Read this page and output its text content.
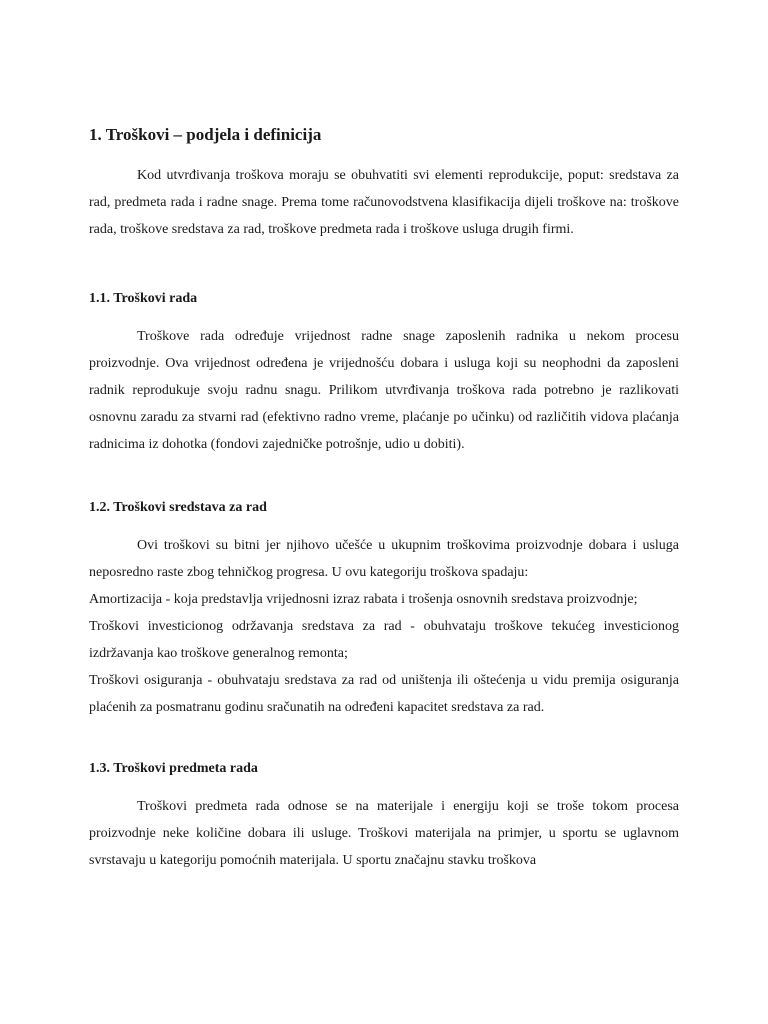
1. Troškovi – podjela i definicija

Kod utvrđivanja troškova moraju se obuhvatiti svi elementi reprodukcije, poput: sredstava za rad, predmeta rada i radne snage. Prema tome računovodstvena klasifikacija dijeli troškove na: troškove rada, troškove sredstava za rad, troškove predmeta rada i troškove usluga drugih firmi.

1.1. Troškovi rada

Troškove rada određuje vrijednost radne snage zaposlenih radnika u nekom procesu proizvodnje. Ova vrijednost određena je vrijednošću dobara i usluga koji su neophodni da zaposleni radnik reprodukuje svoju radnu snagu. Prilikom utvrđivanja troškova rada potrebno je razlikovati osnovnu zaradu za stvarni rad (efektivno radno vreme, plaćanje po učinku) od različitih vidova plaćanja radnicima iz dohotka (fondovi zajedničke potrošnje, udio u dobiti).

1.2. Troškovi sredstava za rad

Ovi troškovi su bitni jer njihovo učešće u ukupnim troškovima proizvodnje dobara i usluga neposredno raste zbog tehničkog progresa. U ovu kategoriju troškova spadaju:

Amortizacija - koja predstavlja vrijednosni izraz rabata i trošenja osnovnih sredstava proizvodnje;

Troškovi investicionog održavanja sredstava za rad - obuhvataju troškove tekućeg investicionog izdržavanja kao troškove generalnog remonta;

Troškovi osiguranja - obuhvataju sredstava za rad od uništenja ili oštećenja u vidu premija osiguranja plaćenih za posmatranu godinu sračunatih na određeni kapacitet sredstava za rad.

1.3. Troškovi predmeta rada

Troškovi predmeta rada odnose se na materijale i energiju koji se troše tokom procesa proizvodnje neke količine dobara ili usluge. Troškovi materijala na primjer, u sportu se uglavnom svrstavaju u kategoriju pomoćnih materijala. U sportu značajnu stavku troškova
